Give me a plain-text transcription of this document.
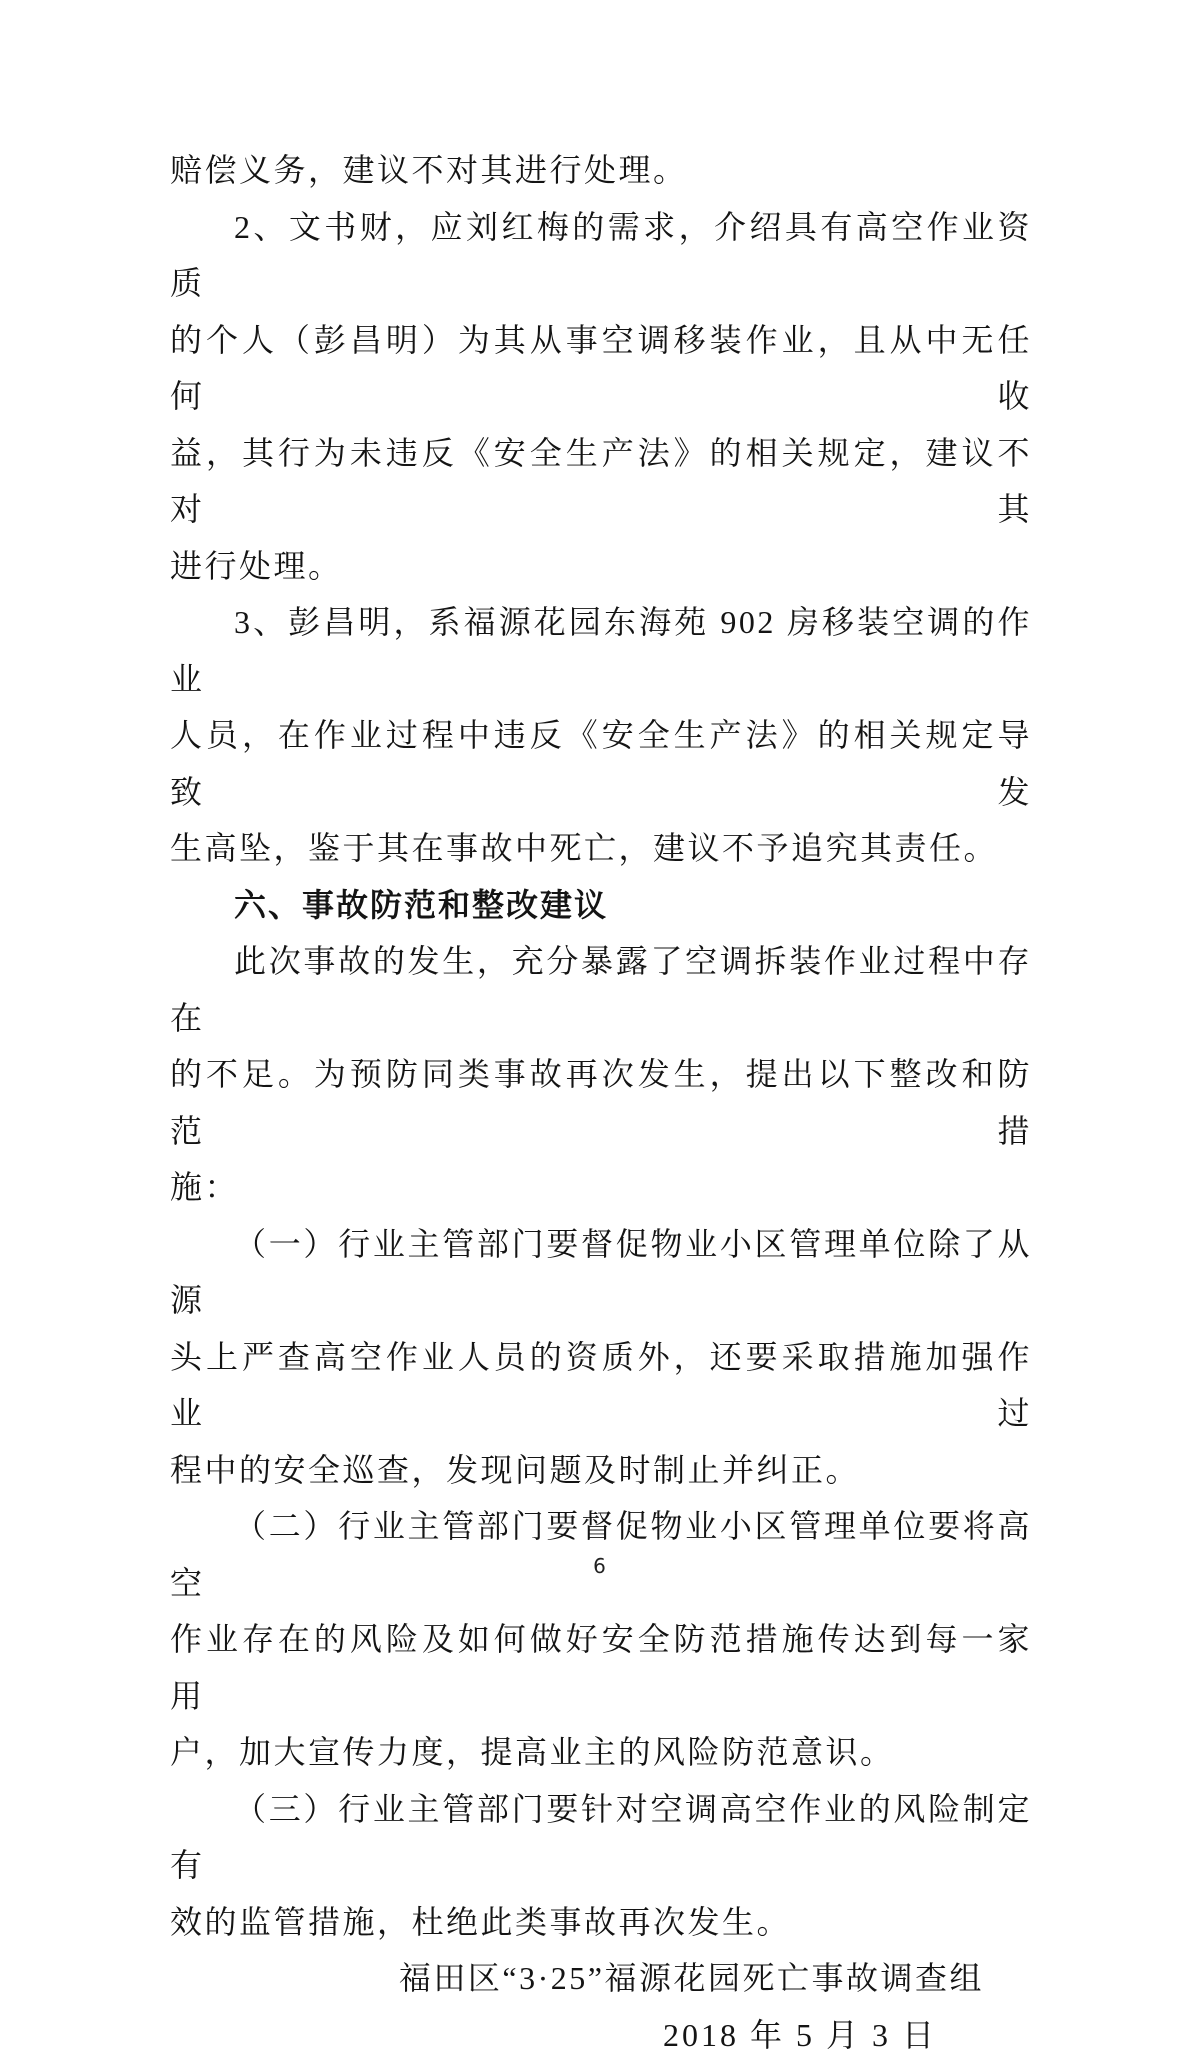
赔偿义务，建议不对其进行处理。
2、文书财，应刘红梅的需求，介绍具有高空作业资质
的个人（彭昌明）为其从事空调移装作业，且从中无任何收
益，其行为未违反《安全生产法》的相关规定，建议不对其
进行处理。
3、彭昌明，系福源花园东海苑 902 房移装空调的作业
人员，在作业过程中违反《安全生产法》的相关规定导致发
生高坠，鉴于其在事故中死亡，建议不予追究其责任。
六、事故防范和整改建议
此次事故的发生，充分暴露了空调拆装作业过程中存在
的不足。为预防同类事故再次发生，提出以下整改和防范措
施：
（一）行业主管部门要督促物业小区管理单位除了从源
头上严查高空作业人员的资质外，还要采取措施加强作业过
程中的安全巡查，发现问题及时制止并纠正。
（二）行业主管部门要督促物业小区管理单位要将高空
作业存在的风险及如何做好安全防范措施传达到每一家用
户，加大宣传力度，提高业主的风险防范意识。
（三）行业主管部门要针对空调高空作业的风险制定有
效的监管措施，杜绝此类事故再次发生。
福田区“3·25”福源花园死亡事故调查组
2018 年 5 月 3 日
6
